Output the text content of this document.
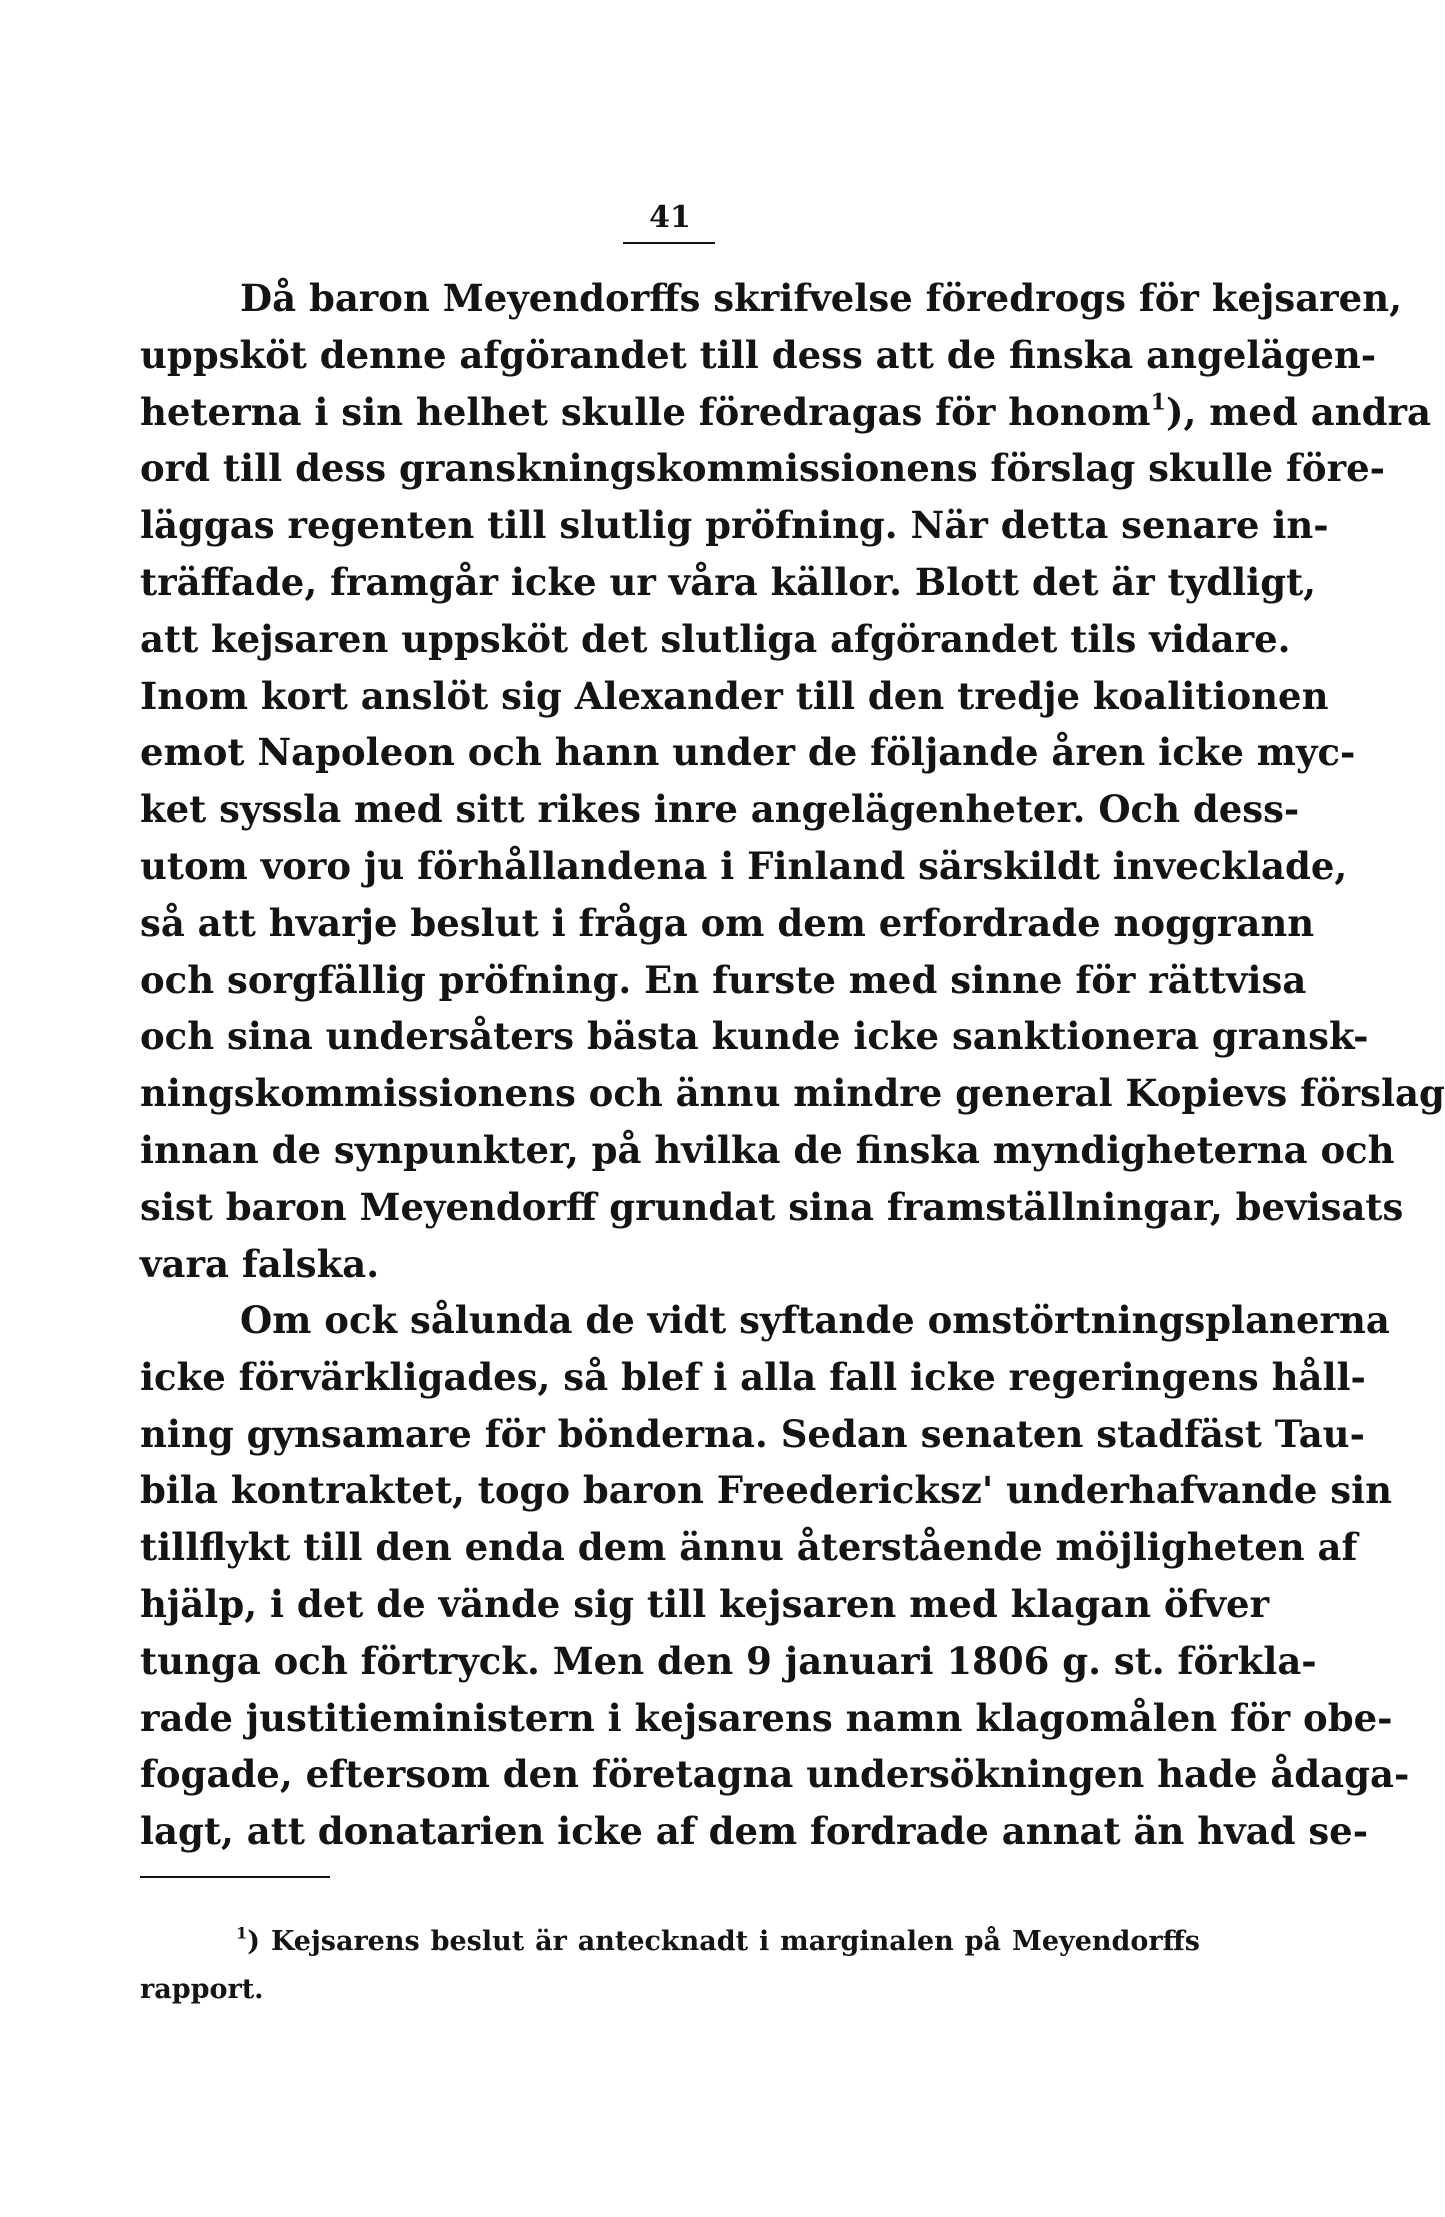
41
Då baron Meyendorffs skrifvelse föredrogs för kejsaren,
uppsköt denne afgörandet till dess att de finska angelägen-
heterna i sin helhet skulle föredragas för honom$^1$), med andra
ord till dess granskningskommissionens förslag skulle före-
läggas regenten till slutlig pröfning. När detta senare in-
träffade, framgår icke ur våra källor. Blott det är tydligt,
att kejsaren uppsköt det slutliga afgörandet tils vidare.
Inom kort anslöt sig Alexander till den tredje koalitionen
emot Napoleon och hann under de följande åren icke myc-
ket syssla med sitt rikes inre angelägenheter. Och dess-
utom voro ju förhållandena i Finland särskildt invecklade,
så att hvarje beslut i fråga om dem erfordrade noggrann
och sorgfällig pröfning. En furste med sinne för rättvisa
och sina undersåters bästa kunde icke sanktionera gransk-
ningskommissionens och ännu mindre general Kopievs förslag
innan de synpunkter, på hvilka de finska myndigheterna och
sist baron Meyendorff grundat sina framställningar, bevisats
vara falska.
Om ock sålunda de vidt syftande omstörtningsplanerna
icke förvärkligades, så blef i alla fall icke regeringens håll-
ning gynsamare för bönderna. Sedan senaten stadfäst Tau-
bila kontraktet, togo baron Freedericksz' underhafvande sin
tillflykt till den enda dem ännu återstående möjligheten af
hjälp, i det de vände sig till kejsaren med klagan öfver
tunga och förtryck. Men den 9 januari 1806 g. st. förkla-
rade justitieministern i kejsarens namn klagomålen för obe-
fogade, eftersom den företagna undersökningen hade ådaga-
lagt, att donatarien icke af dem fordrade annat än hvad se-
$^1$) Kejsarens beslut är antecknadt i marginalen på Meyendorffs
rapport.
